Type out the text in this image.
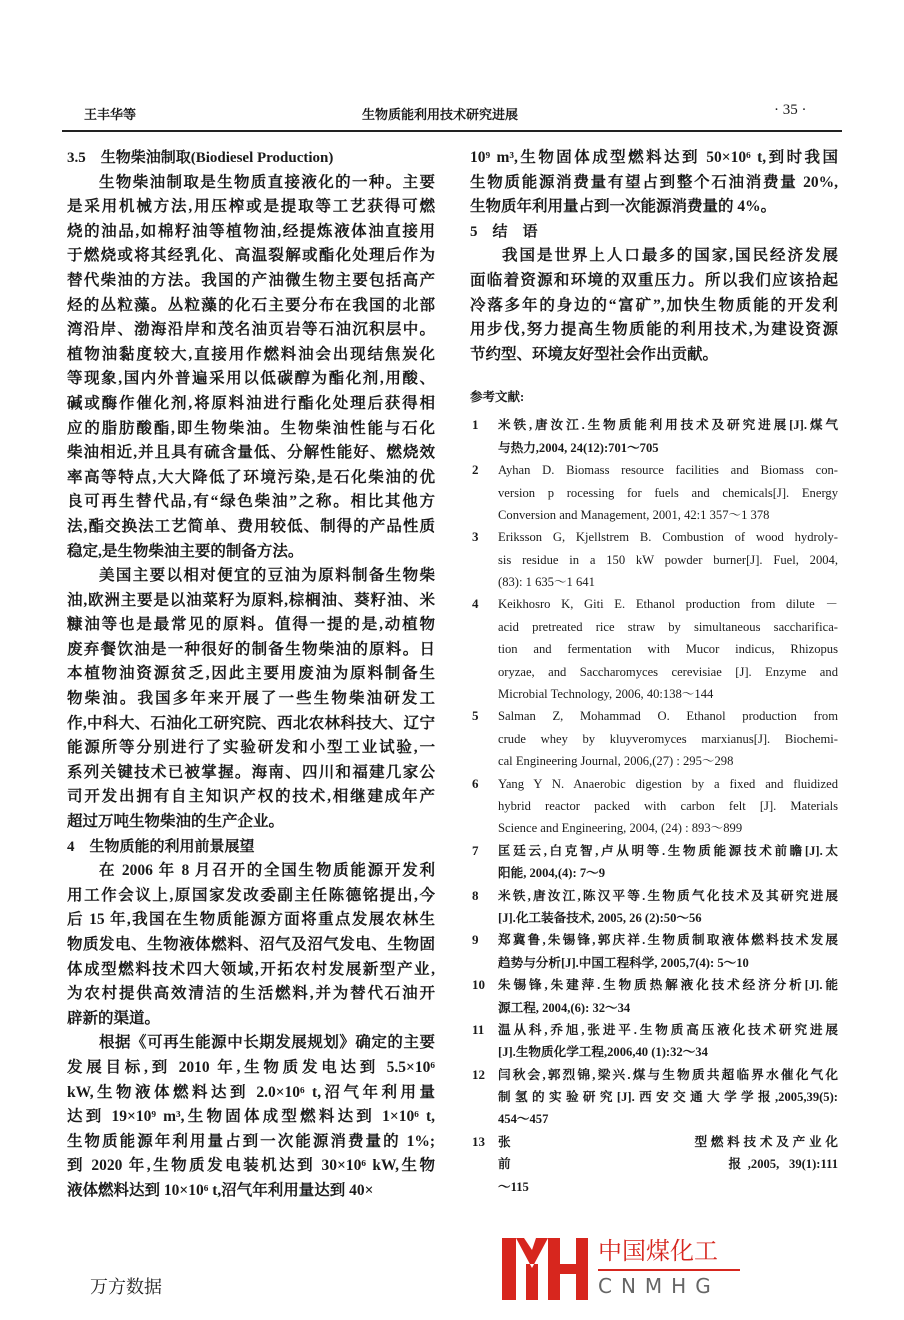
王丰华等	生物质能利用技术研究进展	· 35 ·
3.5　生物柴油制取(Biodiesel Production)
生物柴油制取是生物质直接液化的一种。主要
是采用机械方法,用压榨或是提取等工艺获得可燃
烧的油品,如棉籽油等植物油,经提炼液体油直接用
于燃烧或将其经乳化、高温裂解或酯化处理后作为
替代柴油的方法。我国的产油微生物主要包括高产
烃的丛粒藻。丛粒藻的化石主要分布在我国的北部
湾沿岸、渤海沿岸和茂名油页岩等石油沉积层中。
植物油黏度较大,直接用作燃料油会出现结焦炭化
等现象,国内外普遍采用以低碳醇为酯化剂,用酸、
碱或酶作催化剂,将原料油进行酯化处理后获得相
应的脂肪酸酯,即生物柴油。生物柴油性能与石化
柴油相近,并且具有硫含量低、分解性能好、燃烧效
率高等特点,大大降低了环境污染,是石化柴油的优
良可再生替代品,有“绿色柴油”之称。相比其他方
法,酯交换法工艺简单、费用较低、制得的产品性质
稳定,是生物柴油主要的制备方法。
美国主要以相对便宜的豆油为原料制备生物柴
油,欧洲主要是以油菜籽为原料,棕榈油、葵籽油、米
糠油等也是最常见的原料。值得一提的是,动植物
废弃餐饮油是一种很好的制备生物柴油的原料。日
本植物油资源贫乏,因此主要用废油为原料制备生
物柴油。我国多年来开展了一些生物柴油研发工
作,中科大、石油化工研究院、西北农林科技大、辽宁
能源所等分别进行了实验研发和小型工业试验,一
系列关键技术已被掌握。海南、四川和福建几家公
司开发出拥有自主知识产权的技术,相继建成年产
超过万吨生物柴油的生产企业。
4　生物质能的利用前景展望
在 2006 年 8 月召开的全国生物质能源开发利
用工作会议上,原国家发改委副主任陈德铭提出,今
后 15 年,我国在生物质能源方面将重点发展农林生
物质发电、生物液体燃料、沼气及沼气发电、生物固
体成型燃料技术四大领域,开拓农村发展新型产业,
为农村提供高效清洁的生活燃料,并为替代石油开
辟新的渠道。
根据《可再生能源中长期发展规划》确定的主要
发展目标,到 2010 年,生物质发电达到 5.5×10⁶
kW,生物液体燃料达到 2.0×10⁶ t,沼气年利用量
达到 19×10⁹ m³,生物固体成型燃料达到 1×10⁶ t,
生物质能源年利用量占到一次能源消费量的 1%;
到 2020 年,生物质发电装机达到 30×10⁶ kW,生物
液体燃料达到 10×10⁶ t,沼气年利用量达到 40×
10⁹ m³,生物固体成型燃料达到 50×10⁶ t,到时我国
生物质能源消费量有望占到整个石油消费量 20%,
生物质年利用量占到一次能源消费量的 4%。
5　结　语
我国是世界上人口最多的国家,国民经济发展
面临着资源和环境的双重压力。所以我们应该拾起
冷落多年的身边的“富矿”,加快生物质能的开发利
用步伐,努力提高生物质能的利用技术,为建设资源
节约型、环境友好型社会作出贡献。
参考文献:
1 米铁,唐汝江.生物质能利用技术及研究进展[J].煤气
与热力,2004, 24(12):701～705
2 Ayhan D. Biomass resource facilities and Biomass con-
version p rocessing for fuels and chemicals[J]. Energy
Conversion and Management, 2001, 42:1 357～1 378
3 Eriksson G, Kjellstrem B. Combustion of wood hydroly-
sis residue in a 150 kW powder burner[J]. Fuel, 2004,
(83): 1 635～1 641
4 Keikhosro K, Giti E. Ethanol production from dilute －
acid pretreated rice straw by simultaneous saccharifica-
tion and fermentation with Mucor indicus, Rhizopus
oryzae, and Saccharomyces cerevisiae [J]. Enzyme and
Microbial Technology, 2006, 40:138～144
5 Salman Z, Mohammad O. Ethanol production from
crude whey by kluyveromyces marxianus[J]. Biochemi-
cal Engineering Journal, 2006,(27) : 295～298
6 Yang Y N. Anaerobic digestion by a fixed and fluidized
hybrid reactor packed with carbon felt [J]. Materials
Science and Engineering, 2004, (24) : 893～899
7 匡廷云,白克智,卢从明等.生物质能源技术前瞻[J].太
阳能, 2004,(4): 7～9
8 米铁,唐汝江,陈汉平等.生物质气化技术及其研究进展
[J].化工装备技术, 2005, 26 (2):50～56
9 郑冀鲁,朱锡锋,郭庆祥.生物质制取液体燃料技术发展
趋势与分析[J].中国工程科学, 2005,7(4): 5～10
10 朱锡锋,朱建萍.生物质热解液化技术经济分析[J].能
源工程, 2004,(6): 32～34
11 温从科,乔旭,张进平.生物质高压液化技术研究进展
[J].生物质化学工程,2006,40 (1):32～34
12 闫秋会,郭烈锦,梁兴.煤与生物质共超临界水催化气化
制氢的实验研究[J].西安交通大学学报,2005,39(5):
454～457
13 张　　　　　　　　　　　型燃料技术及产业化
前　　　　　　　　　　　报,2005, 39(1):111
～115
中国煤化工
CNMHG
万方数据
